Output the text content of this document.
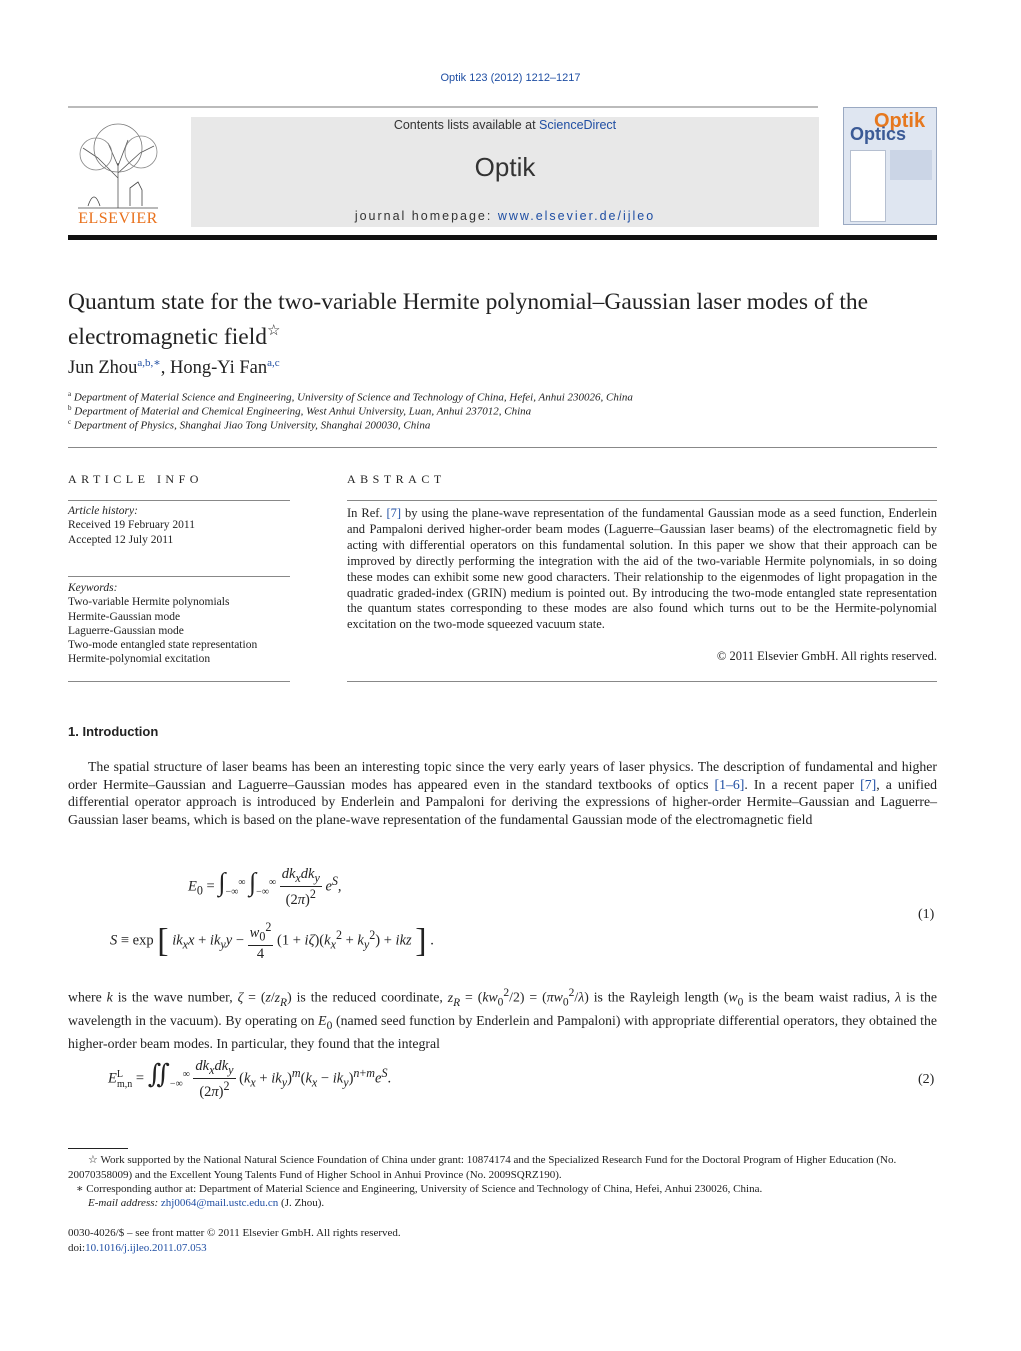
Optik 123 (2012) 1212–1217
ELSEVIER
Contents lists available at ScienceDirect
Optik
journal homepage: www.elsevier.de/ijleo
Optik
Optics
Quantum state for the two-variable Hermite polynomial–Gaussian laser modes of the electromagnetic field☆
Jun Zhou$^{a,b,∗}$, Hong-Yi Fan$^{a,c}$
$^a$ Department of Material Science and Engineering, University of Science and Technology of China, Hefei, Anhui 230026, China
$^b$ Department of Material and Chemical Engineering, West Anhui University, Luan, Anhui 237012, China
$^c$ Department of Physics, Shanghai Jiao Tong University, Shanghai 200030, China
ARTICLE INFO
Article history:
Received 19 February 2011
Accepted 12 July 2011
Keywords:
Two-variable Hermite polynomials
Hermite-Gaussian mode
Laguerre-Gaussian mode
Two-mode entangled state representation
Hermite-polynomial excitation
ABSTRACT
In Ref. [7] by using the plane-wave representation of the fundamental Gaussian mode as a seed function, Enderlein and Pampaloni derived higher-order beam modes (Laguerre–Gaussian laser beams) of the electromagnetic field by acting with differential operators on this fundamental solution. In this paper we show that their approach can be improved by directly performing the integration with the aid of the two-variable Hermite polynomials, in so doing these modes can exhibit some new good characters. Their relationship to the eigenmodes of light propagation in the quadratic graded-index (GRIN) medium is pointed out. By introducing the two-mode entangled state representation the quantum states corresponding to these modes are also found which turns out to be the Hermite-polynomial excitation on the two-mode squeezed vacuum state.
© 2011 Elsevier GmbH. All rights reserved.
1. Introduction
The spatial structure of laser beams has been an interesting topic since the very early years of laser physics. The description of fundamental and higher order Hermite–Gaussian and Laguerre–Gaussian modes has appeared even in the standard textbooks of optics [1–6]. In a recent paper [7], a unified differential operator approach is introduced by Enderlein and Pampaloni for deriving the expressions of higher-order Hermite–Gaussian and Laguerre–Gaussian laser beams, which is based on the plane-wave representation of the fundamental Gaussian mode of the electromagnetic field
$E_0 = \int_{-\infty}^\infty$ $\int_{-\infty}^\infty \frac{dk_xdk_y}{(2\pi)^2} e^S$,
(1)
S ≡ exp [ $ik_xx + ik_yy - \frac{w_0^2}{4} (1 + i\zeta)(k_x^2 + k_y^2)$ + ikz ] .
where k is the wave number, $\zeta = (z/z_R)$ is the reduced coordinate, $z_R = (kw_0^2/2) = (\pi w_0^2/\lambda)$ is the Rayleigh length ($w_0$ is the beam waist radius, λ is the wavelength in the vacuum). By operating on $E_0$ (named seed function by Enderlein and Pampaloni) with appropriate differential operators, they obtained the higher-order beam modes. In particular, they found that the integral
$E^L_{m,n}$ = $∬_{-\infty}^\infty \frac{dk_xdk_y}{(2\pi)^2} (k_x + ik_y)^m(k_x - ik_y)^{n+m}e^S$.	(2)
☆ Work supported by the National Natural Science Foundation of China under grant: 10874174 and the Specialized Research Fund for the Doctoral Program of Higher Education (No. 20070358009) and the Excellent Young Talents Fund of Higher School in Anhui Province (No. 2009SQRZ190).
∗ Corresponding author at: Department of Material Science and Engineering, University of Science and Technology of China, Hefei, Anhui 230026, China.
E-mail address: zhj0064@mail.ustc.edu.cn (J. Zhou).
0030-4026/$ – see front matter © 2011 Elsevier GmbH. All rights reserved.
doi:10.1016/j.ijleo.2011.07.053
